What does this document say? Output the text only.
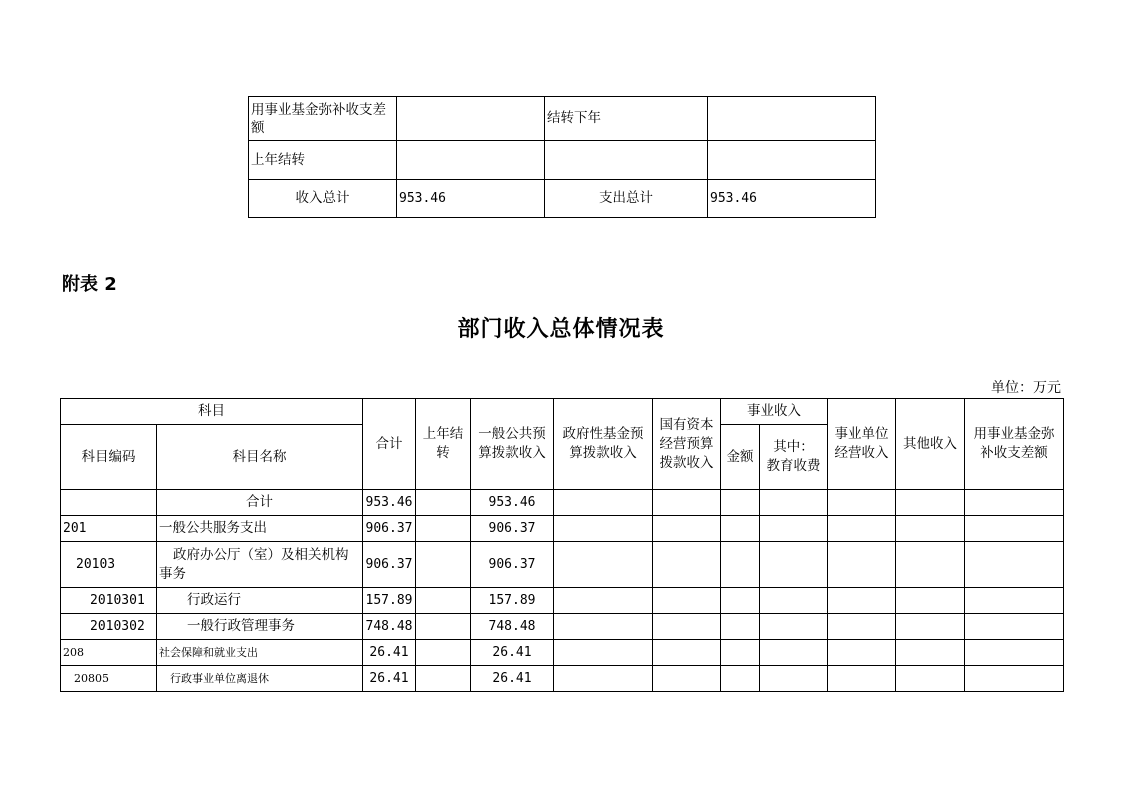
用事业基金弥补收支差额		结转下年	
上年结转			
收入总计	953.46	支出总计	953.46
附表 2
部门收入总体情况表
单位：万元
科目		合计	上年结转	一般公共预算拨款收入	政府性基金预算拨款收入	国有资本经营预算拨款收入	事业收入		事业单位经营收入	其他收入	用事业基金弥补收支差额
科目编码	科目名称						金额	其中：
教育收费			
	合计	953.46		953.46							
201	一般公共服务支出	906.37		906.37							
20103	政府办公厅（室）及相关机构事务	906.37		906.37							
2010301	行政运行	157.89		157.89							
2010302	一般行政管理事务	748.48		748.48							
208	社会保障和就业支出	26.41		26.41							
20805	行政事业单位离退休	26.41		26.41							
